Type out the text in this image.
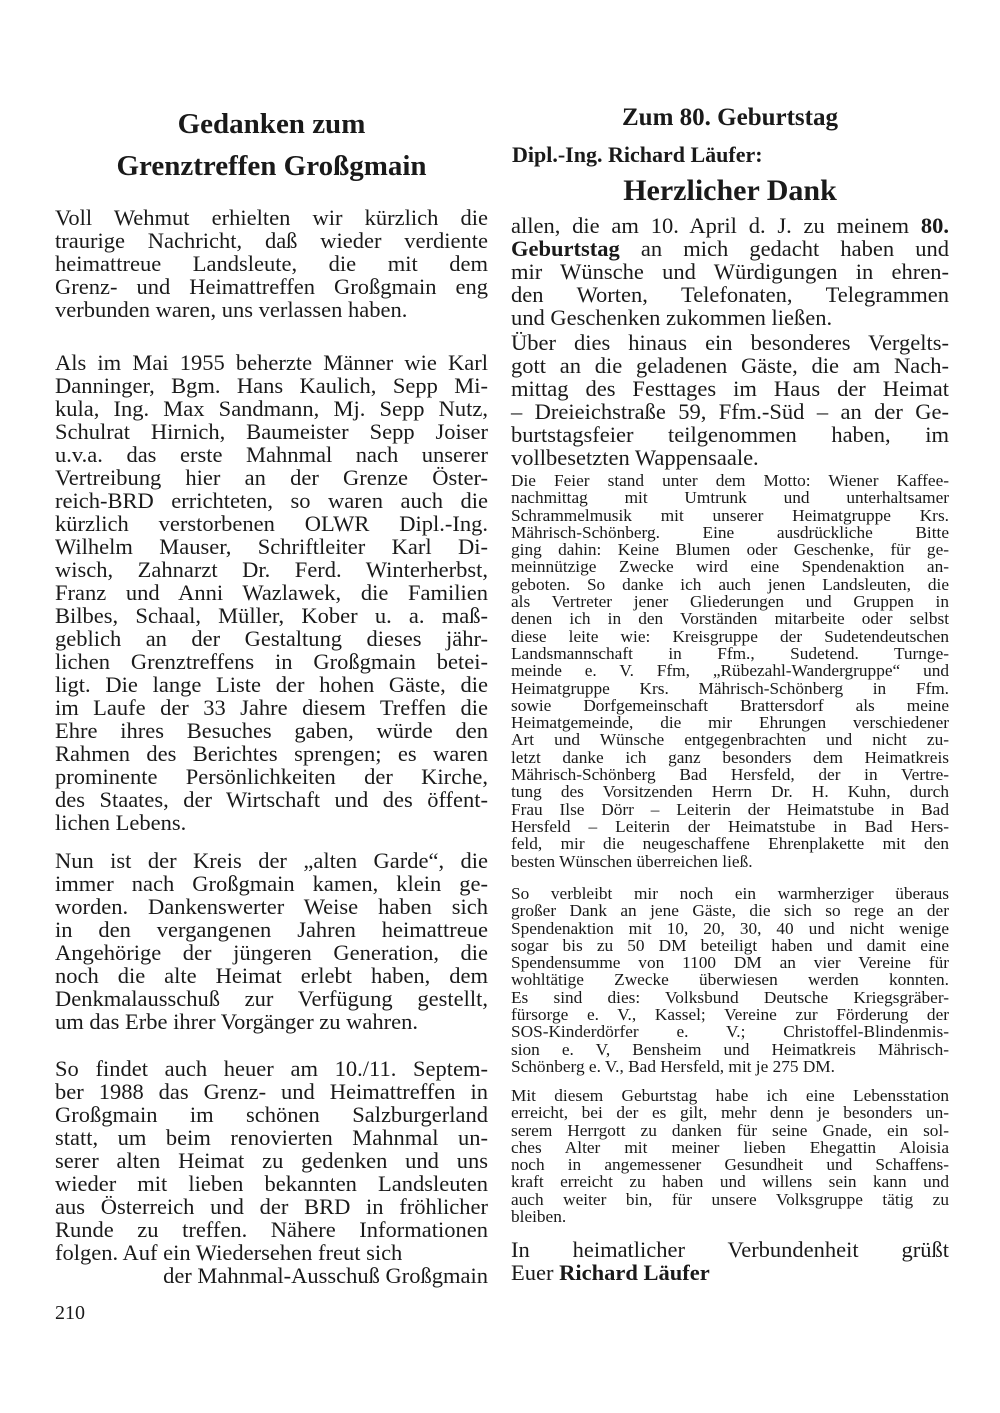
Gedanken zum
Grenztreffen Großgmain
Voll Wehmut erhielten wir kürzlich die
traurige Nachricht, daß wieder verdiente
heimattreue Landsleute, die mit dem
Grenz- und Heimattreffen Großgmain eng
verbunden waren, uns verlassen haben.
Als im Mai 1955 beherzte Männer wie Karl
Danninger, Bgm. Hans Kaulich, Sepp Mi-
kula, Ing. Max Sandmann, Mj. Sepp Nutz,
Schulrat Hirnich, Baumeister Sepp Joiser
u.v.a. das erste Mahnmal nach unserer
Vertreibung hier an der Grenze Öster-
reich-BRD errichteten, so waren auch die
kürzlich verstorbenen OLWR Dipl.-Ing.
Wilhelm Mauser, Schriftleiter Karl Di-
wisch, Zahnarzt Dr. Ferd. Winterherbst,
Franz und Anni Wazlawek, die Familien
Bilbes, Schaal, Müller, Kober u. a. maß-
geblich an der Gestaltung dieses jähr-
lichen Grenztreffens in Großgmain betei-
ligt. Die lange Liste der hohen Gäste, die
im Laufe der 33 Jahre diesem Treffen die
Ehre ihres Besuches gaben, würde den
Rahmen des Berichtes sprengen; es waren
prominente Persönlichkeiten der Kirche,
des Staates, der Wirtschaft und des öffent-
lichen Lebens.
Nun ist der Kreis der „alten Garde“, die
immer nach Großgmain kamen, klein ge-
worden. Dankenswerter Weise haben sich
in den vergangenen Jahren heimattreue
Angehörige der jüngeren Generation, die
noch die alte Heimat erlebt haben, dem
Denkmalausschuß zur Verfügung gestellt,
um das Erbe ihrer Vorgänger zu wahren.
So findet auch heuer am 10./11. Septem-
ber 1988 das Grenz- und Heimattreffen in
Großgmain im schönen Salzburgerland
statt, um beim renovierten Mahnmal un-
serer alten Heimat zu gedenken und uns
wieder mit lieben bekannten Landsleuten
aus Österreich und der BRD in fröhlicher
Runde zu treffen. Nähere Informationen
folgen. Auf ein Wiedersehen freut sich
der Mahnmal-Ausschuß Großgmain
210
Zum 80. Geburtstag
Dipl.-Ing. Richard Läufer:
Herzlicher Dank
allen, die am 10. April d. J. zu meinem 80.
Geburtstag an mich gedacht haben und
mir Wünsche und Würdigungen in ehren-
den Worten, Telefonaten, Telegrammen
und Geschenken zukommen ließen.
Über dies hinaus ein besonderes Vergelts-
gott an die geladenen Gäste, die am Nach-
mittag des Festtages im Haus der Heimat
– Dreieichstraße 59, Ffm.-Süd – an der Ge-
burtstagsfeier teilgenommen haben, im
vollbesetzten Wappensaale.
Die Feier stand unter dem Motto: Wiener Kaffee-
nachmittag mit Umtrunk und unterhaltsamer
Schrammelmusik mit unserer Heimatgruppe Krs.
Mährisch-Schönberg. Eine ausdrückliche Bitte
ging dahin: Keine Blumen oder Geschenke, für ge-
meinnützige Zwecke wird eine Spendenaktion an-
geboten. So danke ich auch jenen Landsleuten, die
als Vertreter jener Gliederungen und Gruppen in
denen ich in den Vorständen mitarbeite oder selbst
diese leite wie: Kreisgruppe der Sudetendeutschen
Landsmannschaft in Ffm., Sudetend. Turnge-
meinde e. V. Ffm, „Rübezahl-Wandergruppe“ und
Heimatgruppe Krs. Mährisch-Schönberg in Ffm.
sowie Dorfgemeinschaft Brattersdorf als meine
Heimatgemeinde, die mir Ehrungen verschiedener
Art und Wünsche entgegenbrachten und nicht zu-
letzt danke ich ganz besonders dem Heimatkreis
Mährisch-Schönberg Bad Hersfeld, der in Vertre-
tung des Vorsitzenden Herrn Dr. H. Kuhn, durch
Frau Ilse Dörr – Leiterin der Heimatstube in Bad
Hersfeld – Leiterin der Heimatstube in Bad Hers-
feld, mir die neugeschaffene Ehrenplakette mit den
besten Wünschen überreichen ließ.
So verbleibt mir noch ein warmherziger überaus
großer Dank an jene Gäste, die sich so rege an der
Spendenaktion mit 10, 20, 30, 40 und nicht wenige
sogar bis zu 50 DM beteiligt haben und damit eine
Spendensumme von 1100 DM an vier Vereine für
wohltätige Zwecke überwiesen werden konnten.
Es sind dies: Volksbund Deutsche Kriegsgräber-
fürsorge e. V., Kassel; Vereine zur Förderung der
SOS-Kinderdörfer e. V.; Christoffel-Blindenmis-
sion e. V, Bensheim und Heimatkreis Mährisch-
Schönberg e. V., Bad Hersfeld, mit je 275 DM.
Mit diesem Geburtstag habe ich eine Lebensstation
erreicht, bei der es gilt, mehr denn je besonders un-
serem Herrgott zu danken für seine Gnade, ein sol-
ches Alter mit meiner lieben Ehegattin Aloisia
noch in angemessener Gesundheit und Schaffens-
kraft erreicht zu haben und willens sein kann und
auch weiter bin, für unsere Volksgruppe tätig zu
bleiben.
In heimatlicher Verbundenheit grüßt
Euer Richard Läufer
